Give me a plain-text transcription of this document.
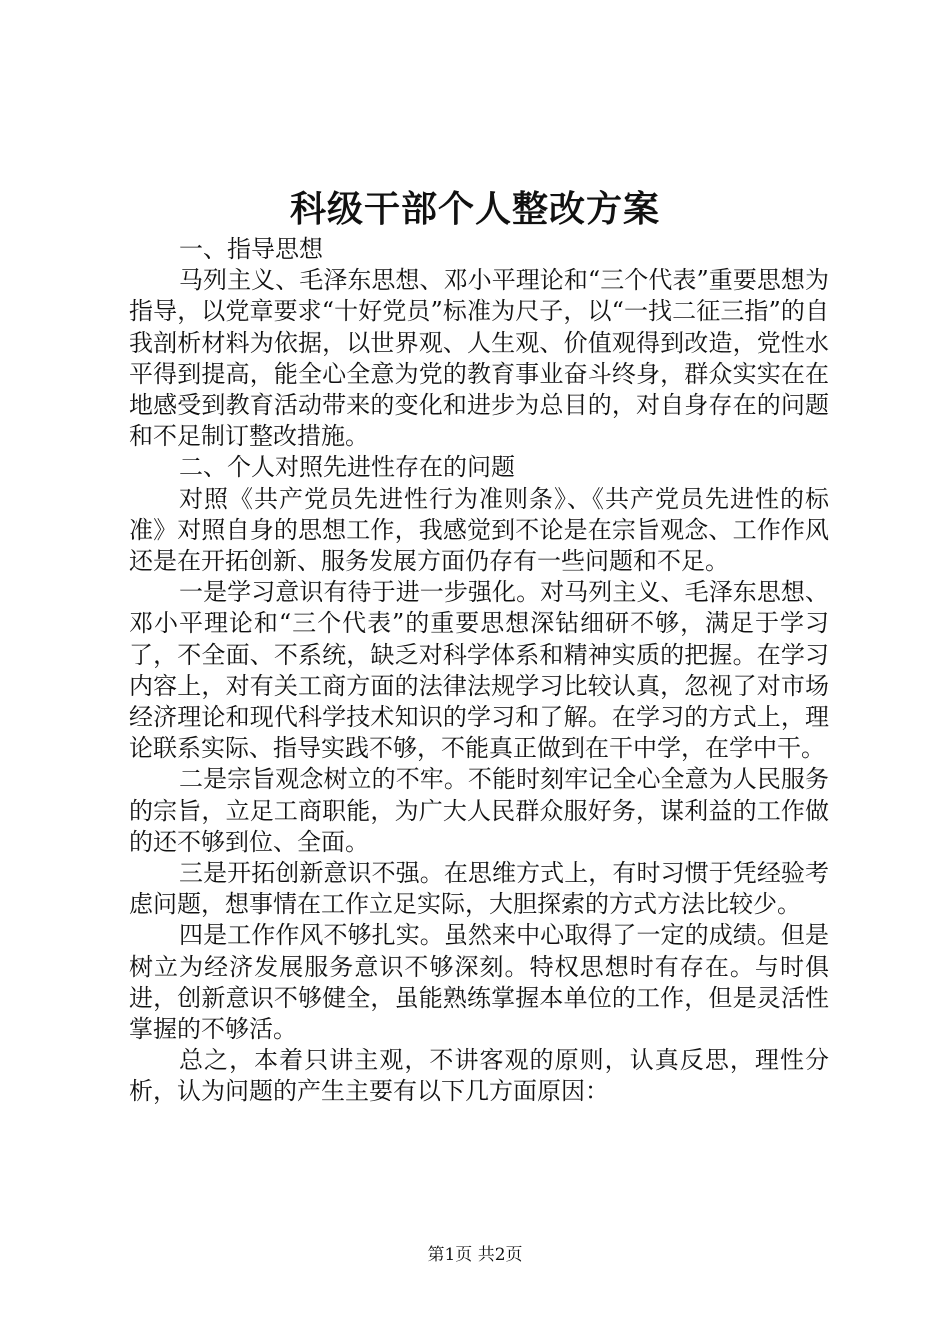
科级干部个人整改方案

一、指导思想

马列主义、毛泽东思想、邓小平理论和“三个代表”重要思想为指导，以党章要求“十好党员”标准为尺子，以“一找二征三指”的自我剖析材料为依据，以世界观、人生观、价值观得到改造，党性水平得到提高，能全心全意为党的教育事业奋斗终身，群众实实在在地感受到教育活动带来的变化和进步为总目的，对自身存在的问题和不足制订整改措施。

二、个人对照先进性存在的问题

对照《共产党员先进性行为准则条》、《共产党员先进性的标准》对照自身的思想工作，我感觉到不论是在宗旨观念、工作作风还是在开拓创新、服务发展方面仍存有一些问题和不足。

一是学习意识有待于进一步强化。对马列主义、毛泽东思想、邓小平理论和“三个代表”的重要思想深钻细研不够，满足于学习了，不全面、不系统，缺乏对科学体系和精神实质的把握。在学习内容上，对有关工商方面的法律法规学习比较认真，忽视了对市场经济理论和现代科学技术知识的学习和了解。在学习的方式上，理论联系实际、指导实践不够，不能真正做到在干中学，在学中干。

二是宗旨观念树立的不牢。不能时刻牢记全心全意为人民服务的宗旨，立足工商职能，为广大人民群众服好务，谋利益的工作做的还不够到位、全面。

三是开拓创新意识不强。在思维方式上，有时习惯于凭经验考虑问题，想事情在工作立足实际，大胆探索的方式方法比较少。

四是工作作风不够扎实。虽然来中心取得了一定的成绩。但是树立为经济发展服务意识不够深刻。特权思想时有存在。与时俱进，创新意识不够健全，虽能熟练掌握本单位的工作，但是灵活性掌握的不够活。

总之，本着只讲主观，不讲客观的原则，认真反思，理性分析，认为问题的产生主要有以下几方面原因：

第1页 共2页
